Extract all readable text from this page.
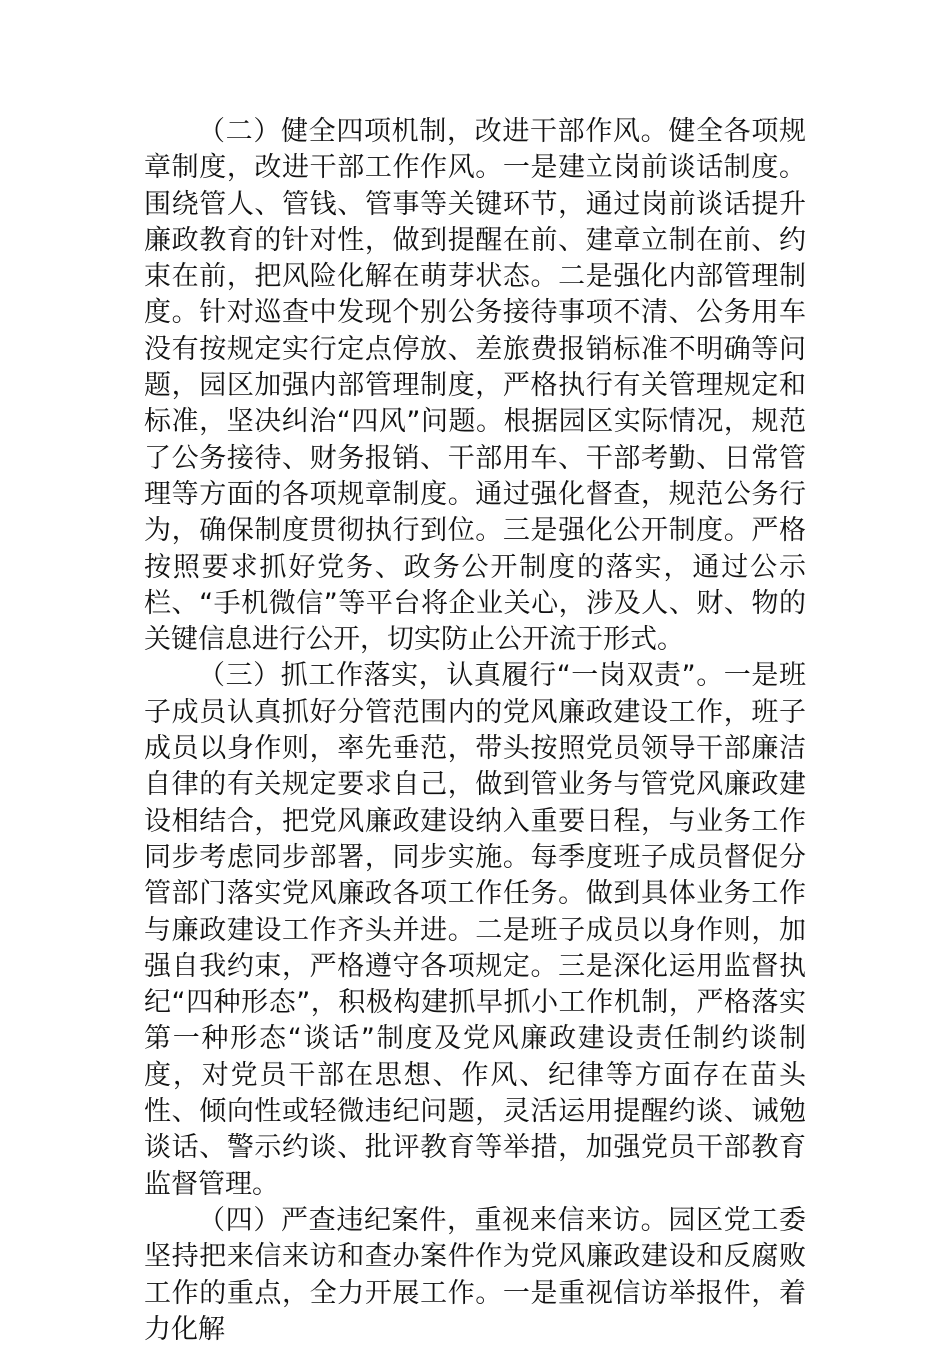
（二）健全四项机制，改进干部作风。健全各项规章制度，改进干部工作作风。一是建立岗前谈话制度。围绕管人、管钱、管事等关键环节，通过岗前谈话提升廉政教育的针对性，做到提醒在前、建章立制在前、约束在前，把风险化解在萌芽状态。二是强化内部管理制度。针对巡查中发现个别公务接待事项不清、公务用车没有按规定实行定点停放、差旅费报销标准不明确等问题，园区加强内部管理制度，严格执行有关管理规定和标准，坚决纠治“四风”问题。根据园区实际情况，规范了公务接待、财务报销、干部用车、干部考勤、日常管理等方面的各项规章制度。通过强化督查，规范公务行为，确保制度贯彻执行到位。三是强化公开制度。严格按照要求抓好党务、政务公开制度的落实，通过公示栏、“手机微信”等平台将企业关心，涉及人、财、物的关键信息进行公开，切实防止公开流于形式。

（三）抓工作落实，认真履行“一岗双责”。一是班子成员认真抓好分管范围内的党风廉政建设工作，班子成员以身作则，率先垂范，带头按照党员领导干部廉洁自律的有关规定要求自己，做到管业务与管党风廉政建设相结合，把党风廉政建设纳入重要日程，与业务工作同步考虑同步部署，同步实施。每季度班子成员督促分管部门落实党风廉政各项工作任务。做到具体业务工作与廉政建设工作齐头并进。二是班子成员以身作则，加强自我约束，严格遵守各项规定。三是深化运用监督执纪“四种形态”，积极构建抓早抓小工作机制，严格落实第一种形态“谈话”制度及党风廉政建设责任制约谈制度，对党员干部在思想、作风、纪律等方面存在苗头性、倾向性或轻微违纪问题，灵活运用提醒约谈、诫勉谈话、警示约谈、批评教育等举措，加强党员干部教育监督管理。

（四）严查违纪案件，重视来信来访。园区党工委坚持把来信来访和查办案件作为党风廉政建设和反腐败工作的重点，全力开展工作。一是重视信访举报件，着力化解
